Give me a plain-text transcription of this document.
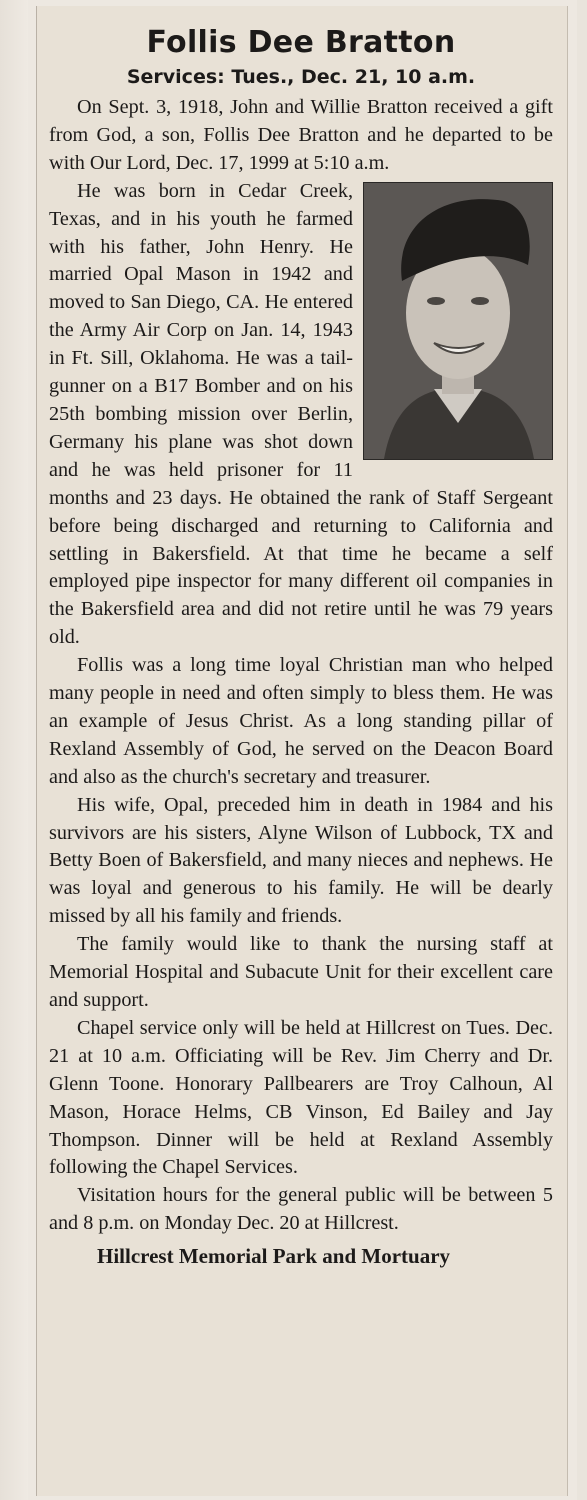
Follis Dee Bratton
Services: Tues., Dec. 21, 10 a.m.

On Sept. 3, 1918, John and Willie Bratton received a gift from God, a son, Follis Dee Bratton and he departed to be with Our Lord, Dec. 17, 1999 at 5:10 a.m.

He was born in Cedar Creek, Texas, and in his youth he farmed with his father, John Henry. He married Opal Mason in 1942 and moved to San Diego, CA. He entered the Army Air Corp on Jan. 14, 1943 in Ft. Sill, Oklahoma. He was a tail-gunner on a B17 Bomber and on his 25th bombing mission over Berlin, Germany his plane was shot down and he was held prisoner for 11 months and 23 days. He obtained the rank of Staff Sergeant before being discharged and returning to California and settling in Bakersfield. At that time he became a self employed pipe inspector for many different oil companies in the Bakersfield area and did not retire until he was 79 years old.

Follis was a long time loyal Christian man who helped many people in need and often simply to bless them. He was an example of Jesus Christ. As a long standing pillar of Rexland Assembly of God, he served on the Deacon Board and also as the church's secretary and treasurer.

His wife, Opal, preceded him in death in 1984 and his survivors are his sisters, Alyne Wilson of Lubbock, TX and Betty Boen of Bakersfield, and many nieces and nephews. He was loyal and generous to his family. He will be dearly missed by all his family and friends.

The family would like to thank the nursing staff at Memorial Hospital and Subacute Unit for their excellent care and support.

Chapel service only will be held at Hillcrest on Tues. Dec. 21 at 10 a.m. Officiating will be Rev. Jim Cherry and Dr. Glenn Toone. Honorary Pallbearers are Troy Calhoun, Al Mason, Horace Helms, CB Vinson, Ed Bailey and Jay Thompson. Dinner will be held at Rexland Assembly following the Chapel Services.

Visitation hours for the general public will be between 5 and 8 p.m. on Monday Dec. 20 at Hillcrest.

Hillcrest Memorial Park and Mortuary
